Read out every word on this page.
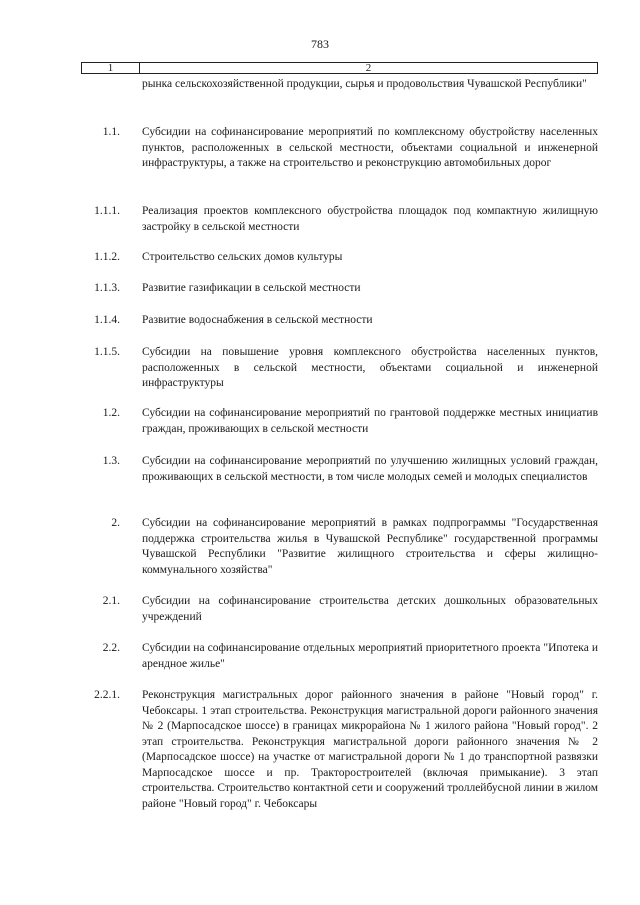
783
1	2
рынка сельскохозяйственной продукции, сырья и продовольствия Чувашской Республики"
1.1. Субсидии на софинансирование мероприятий по комплексному обустройству населенных пунктов, расположенных в сельской местности, объектами социальной и инженерной инфраструктуры, а также на строительство и реконструкцию автомобильных дорог
1.1.1. Реализация проектов комплексного обустройства площадок под компактную жилищную застройку в сельской местности
1.1.2. Строительство сельских домов культуры
1.1.3. Развитие газификации в сельской местности
1.1.4. Развитие водоснабжения в сельской местности
1.1.5. Субсидии на повышение уровня комплексного обустройства населенных пунктов, расположенных в сельской местности, объектами социальной и инженерной инфраструктуры
1.2. Субсидии на софинансирование мероприятий по грантовой поддержке местных инициатив граждан, проживающих в сельской местности
1.3. Субсидии на софинансирование мероприятий по улучшению жилищных условий граждан, проживающих в сельской местности, в том числе молодых семей и молодых специалистов
2. Субсидии на софинансирование мероприятий в рамках подпрограммы "Государственная поддержка строительства жилья в Чувашской Республике" государственной программы Чувашской Республики "Развитие жилищного строительства и сферы жилищно-коммунального хозяйства"
2.1. Субсидии на софинансирование строительства детских дошкольных образовательных учреждений
2.2. Субсидии на софинансирование отдельных мероприятий приоритетного проекта "Ипотека и арендное жилье"
2.2.1. Реконструкция магистральных дорог районного значения в районе "Новый город" г. Чебоксары. 1 этап строительства. Реконструкция магистральной дороги районного значения № 2 (Марпосадское шоссе) в границах микрорайона № 1 жилого района "Новый город". 2 этап строительства. Реконструкция магистральной дороги районного значения № 2 (Марпосадское шоссе) на участке от магистральной дороги № 1 до транспортной развязки Марпосадское шоссе и пр. Тракторостроителей (включая примыкание). 3 этап строительства. Строительство контактной сети и сооружений троллейбусной линии в жилом районе "Новый город" г. Чебоксары
